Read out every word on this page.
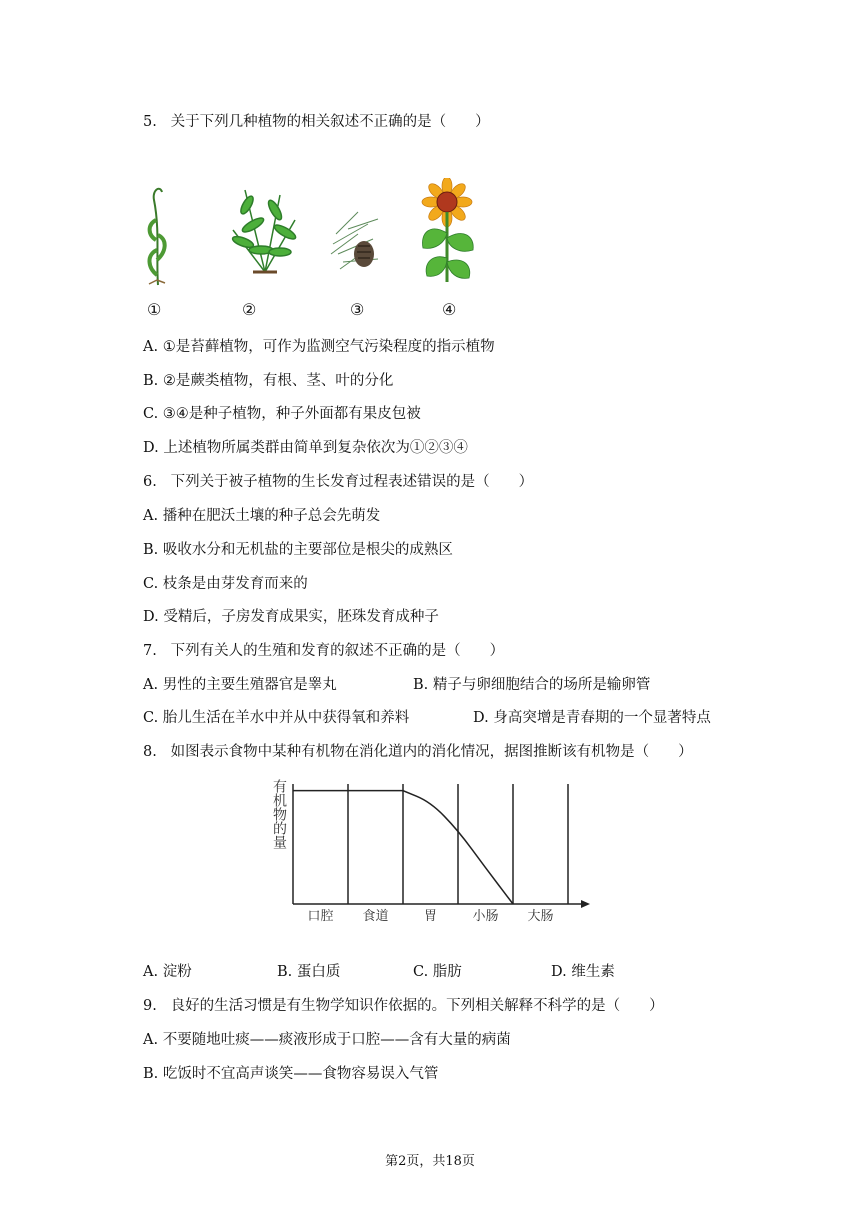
5.   关于下列几种植物的相关叙述不正确的是（　　）
①	②	③	④
A. ①是苔藓植物，可作为监测空气污染程度的指示植物
B. ②是蕨类植物，有根、茎、叶的分化
C. ③④是种子植物，种子外面都有果皮包被
D. 上述植物所属类群由简单到复杂依次为①②③④
6.   下列关于被子植物的生长发育过程表述错误的是（　　）
A. 播种在肥沃土壤的种子总会先萌发
B. 吸收水分和无机盐的主要部位是根尖的成熟区
C. 枝条是由芽发育而来的
D. 受精后，子房发育成果实，胚珠发育成种子
7.   下列有关人的生殖和发育的叙述不正确的是（　　）
A. 男性的主要生殖器官是睾丸	B. 精子与卵细胞结合的场所是输卵管
C. 胎儿生活在羊水中并从中获得氧和养料	D. 身高突增是青春期的一个显著特点
8.   如图表示食物中某种有机物在消化道内的消化情况，据图推断该有机物是（　　）
有机物的量
口腔 食道	胃	小肠 大肠
A. 淀粉	B. 蛋白质	C. 脂肪	D. 维生素
9.   良好的生活习惯是有生物学知识作依据的。下列相关解释不科学的是（　　）
A. 不要随地吐痰——痰液形成于口腔——含有大量的病菌
B. 吃饭时不宜高声谈笑——食物容易误入气管
第2页，共18页
